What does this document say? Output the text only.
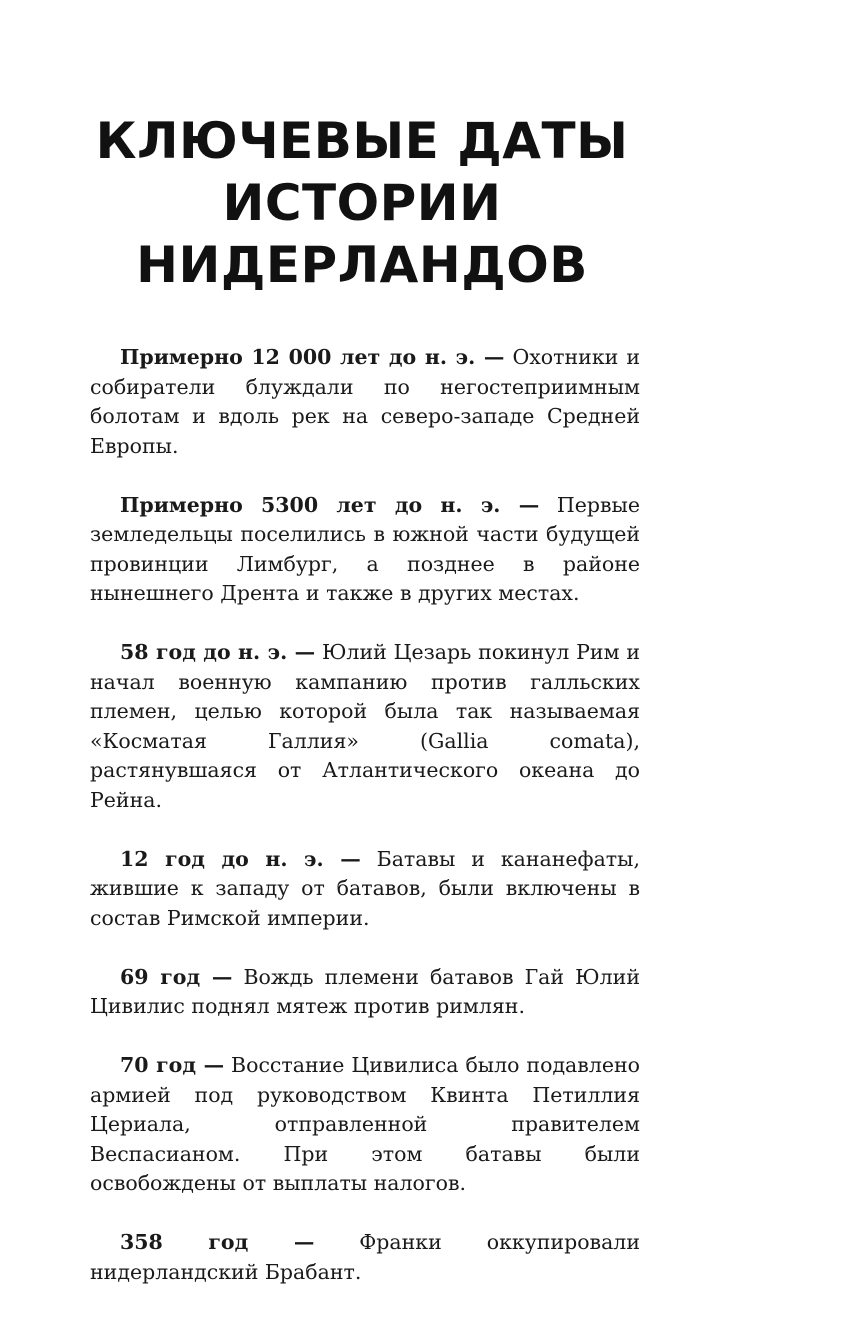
КЛЮЧЕВЫЕ ДАТЫ
ИСТОРИИ
НИДЕРЛАНДОВ

Примерно 12 000 лет до н. э. — Охотники и собиратели блуждали по негостеприимным болотам и вдоль рек на северо-западе Средней Европы.

Примерно 5300 лет до н. э. — Первые земледельцы поселились в южной части будущей провинции Лимбург, а позднее в районе нынешнего Дрента и также в других местах.

58 год до н. э. — Юлий Цезарь покинул Рим и начал военную кампанию против галльских племен, целью которой была так называемая «Косматая Галлия» (Gallia comata), растянувшаяся от Атлантического океана до Рейна.

12 год до н. э. — Батавы и кананефаты, жившие к западу от батавов, были включены в состав Римской империи.

69 год — Вождь племени батавов Гай Юлий Цивилис поднял мятеж против римлян.

70 год — Восстание Цивилиса было подавлено армией под руководством Квинта Петиллия Цериала, отправленной правителем Веспасианом. При этом батавы были освобождены от выплаты налогов.

358 год — Франки оккупировали нидерландский Брабант.
